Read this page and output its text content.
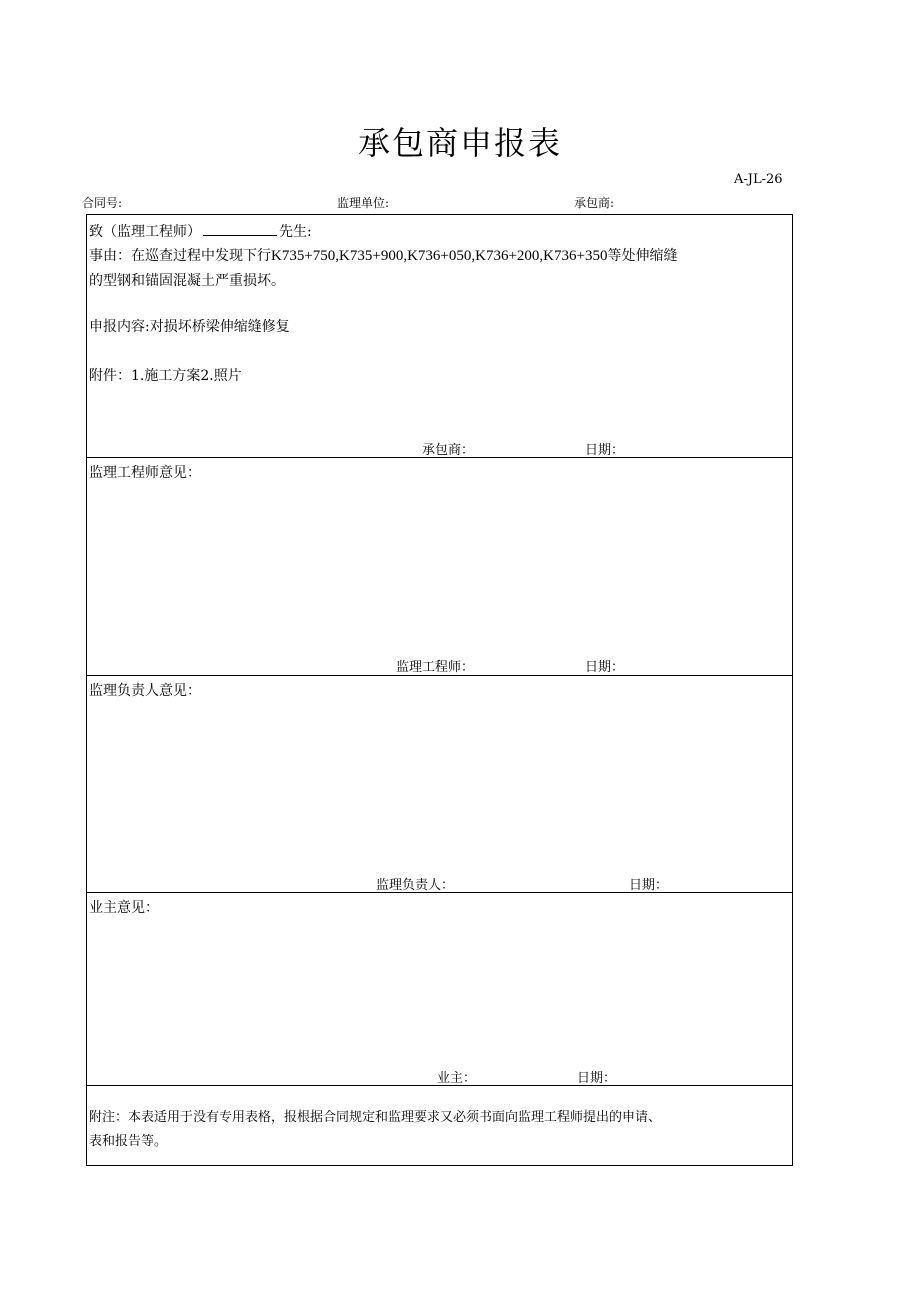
承包商申报表
A-JL-26
合同号:	监理单位:	承包商:
致（监理工程师）	先生:
事由：在巡查过程中发现下行K735+750,K735+900,K736+050,K736+200,K736+350等处伸缩缝
的型钢和锚固混凝土严重损坏。
申报内容:对损坏桥梁伸缩缝修复
附件：1.施工方案2.照片
承包商：	日期：
监理工程师意见：
监理工程师：	日期：
监理负责人意见：
监理负责人：	日期：
业主意见：
业主：	日期：
附注：本表适用于没有专用表格，报根据合同规定和监理要求又必须书面向监理工程师提出的申请、
表和报告等。
